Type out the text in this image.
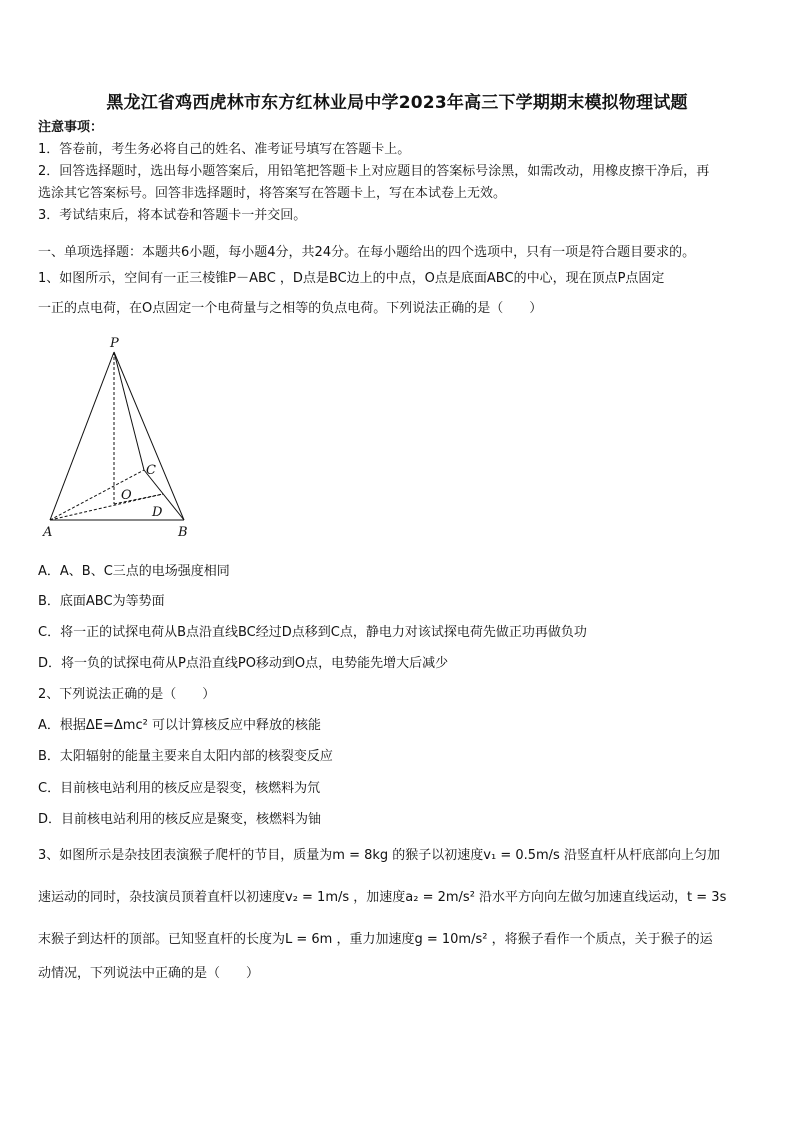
黑龙江省鸡西虎林市东方红林业局中学2023年高三下学期期末模拟物理试题
注意事项：
1．答卷前，考生务必将自己的姓名、准考证号填写在答题卡上。
2．回答选择题时，选出每小题答案后，用铅笔把答题卡上对应题目的答案标号涂黑，如需改动，用橡皮擦干净后，再
选涂其它答案标号。回答非选择题时，将答案写在答题卡上，写在本试卷上无效。
3．考试结束后，将本试卷和答题卡一并交回。
一、单项选择题：本题共6小题，每小题4分，共24分。在每小题给出的四个选项中，只有一项是符合题目要求的。
1、如图所示，空间有一正三棱锥P－ABC ，D点是BC边上的中点，O点是底面ABC的中心，现在顶点P点固定
一正的点电荷，在O点固定一个电荷量与之相等的负点电荷。下列说法正确的是（　　）
P
A	B
C
O
D
A．A、B、C三点的电场强度相同
B．底面ABC为等势面
C．将一正的试探电荷从B点沿直线BC经过D点移到C点，静电力对该试探电荷先做正功再做负功
D．将一负的试探电荷从P点沿直线PO移动到O点，电势能先增大后减少
2、下列说法正确的是（　　）
A．根据ΔE=Δmc² 可以计算核反应中释放的核能
B．太阳辐射的能量主要来自太阳内部的核裂变反应
C．目前核电站利用的核反应是裂变，核燃料为氘
D．目前核电站利用的核反应是聚变，核燃料为铀
3、如图所示是杂技团表演猴子爬杆的节目，质量为m = 8kg 的猴子以初速度v₁ = 0.5m/s 沿竖直杆从杆底部向上匀加
速运动的同时，杂技演员顶着直杆以初速度v₂ = 1m/s ，加速度a₂ = 2m/s² 沿水平方向向左做匀加速直线运动，t = 3s
末猴子到达杆的顶部。已知竖直杆的长度为L = 6m ，重力加速度g = 10m/s² ，将猴子看作一个质点，关于猴子的运
动情况，下列说法中正确的是（　　）
